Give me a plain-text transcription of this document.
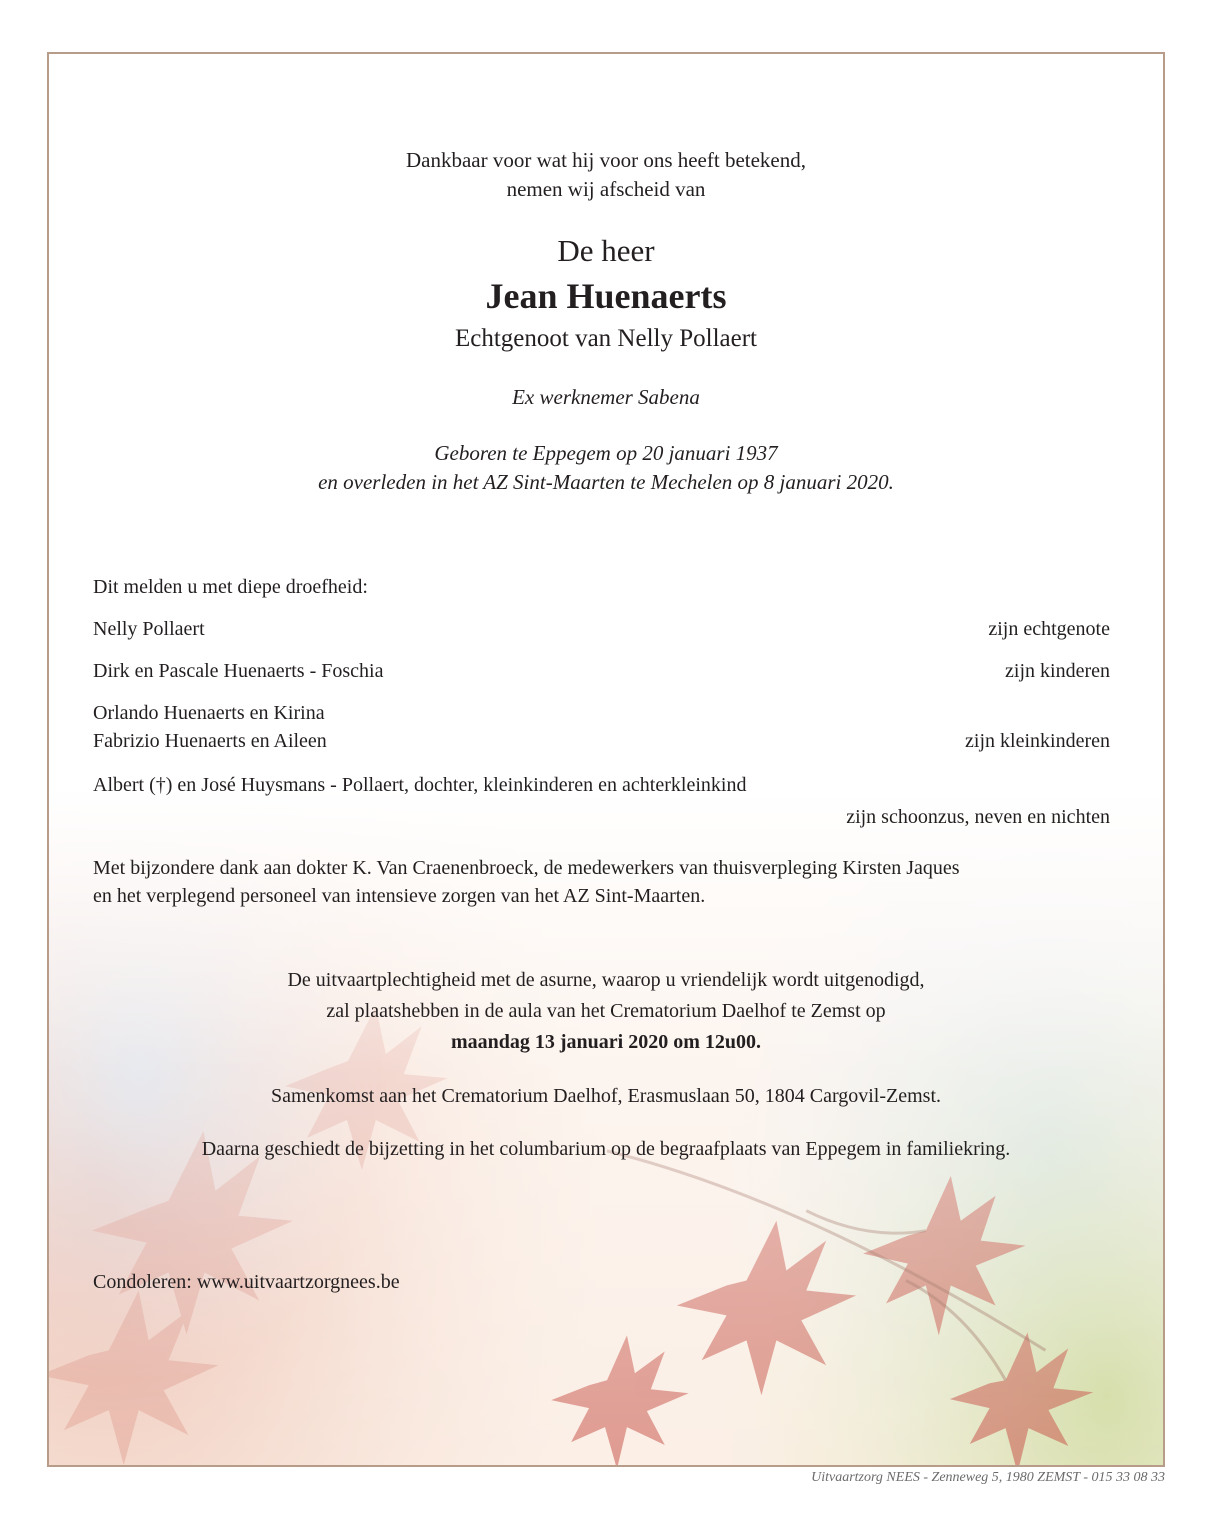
Dankbaar voor wat hij voor ons heeft betekend,
nemen wij afscheid van
De heer
Jean Huenaerts
Echtgenoot van Nelly Pollaert
Ex werknemer Sabena
Geboren te Eppegem op 20 januari 1937
en overleden in het AZ Sint-Maarten te Mechelen op 8 januari 2020.
Dit melden u met diepe droefheid:
Nelly Pollaert	zijn echtgenote
Dirk en Pascale Huenaerts - Foschia	zijn kinderen
Orlando Huenaerts en Kirina
Fabrizio Huenaerts en Aileen	zijn kleinkinderen
Albert (†) en José Huysmans - Pollaert, dochter, kleinkinderen en achterkleinkind
zijn schoonzus, neven en nichten
Met bijzondere dank aan dokter K. Van Craenenbroeck, de medewerkers van thuisverpleging Kirsten Jaques
en het verplegend personeel van intensieve zorgen van het AZ Sint-Maarten.
De uitvaartplechtigheid met de asurne, waarop u vriendelijk wordt uitgenodigd,
zal plaatshebben in de aula van het Crematorium Daelhof te Zemst op
maandag 13 januari 2020 om 12u00.
Samenkomst aan het Crematorium Daelhof, Erasmuslaan 50, 1804 Cargovil-Zemst.
Daarna geschiedt de bijzetting in het columbarium op de begraafplaats van Eppegem in familiekring.
Condoleren: www.uitvaartzorgnees.be
Uitvaartzorg NEES - Zenneweg 5, 1980 ZEMST - 015 33 08 33
